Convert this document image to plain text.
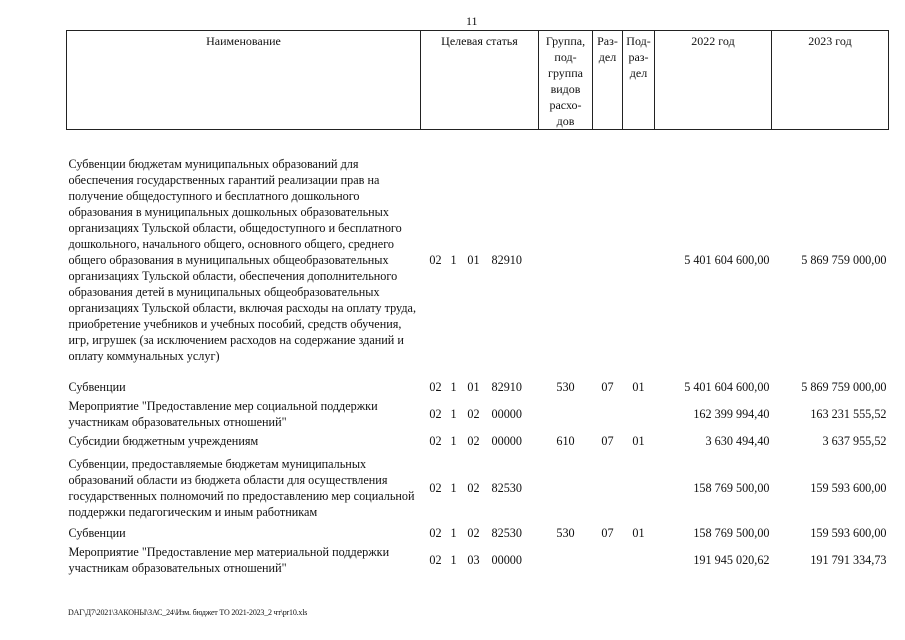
11
Наименование	Целевая статья	Группа, под-группа видов расхо-дов	Раз-дел	Под-раз-дел	2022 год	2023 год
Субвенции бюджетам муниципальных образований для обеспечения государственных гарантий реализации прав на получение общедоступного и бесплатного дошкольного образования в муниципальных дошкольных образовательных организациях Тульской области, общедоступного и бесплатного дошкольного, начального общего, основного общего, среднего общего образования в муниципальных общеобразовательных организациях Тульской области, обеспечения дополнительного образования детей в муниципальных общеобразовательных организациях Тульской области, включая расходы на оплату труда, приобретение учебников и учебных пособий, средств обучения, игр, игрушек (за исключением расходов на содержание зданий и оплату коммунальных услуг)	02 1 01 82910				5 401 604 600,00	5 869 759 000,00
Субвенции	02 1 01 82910	530	07	01	5 401 604 600,00	5 869 759 000,00
Мероприятие "Предоставление мер социальной поддержки участникам образовательных отношений"	02 1 02 00000				162 399 994,40	163 231 555,52
Субсидии бюджетным учреждениям	02 1 02 00000	610	07	01	3 630 494,40	3 637 955,52
Субвенции, предоставляемые бюджетам муниципальных образований области из бюджета области для осуществления государственных полномочий по предоставлению мер социальной поддержки педагогическим и иным работникам	02 1 02 82530				158 769 500,00	159 593 600,00
Субвенции	02 1 02 82530	530	07	01	158 769 500,00	159 593 600,00
Мероприятие "Предоставление мер материальной поддержки участникам образовательных отношений"	02 1 03 00000				191 945 020,62	191 791 334,73
DAГ\Д7\2021\ЗАКОНЫ\ЗАС_24\Изм. бюджет ТО 2021-2023_2 чт\pr10.xls
